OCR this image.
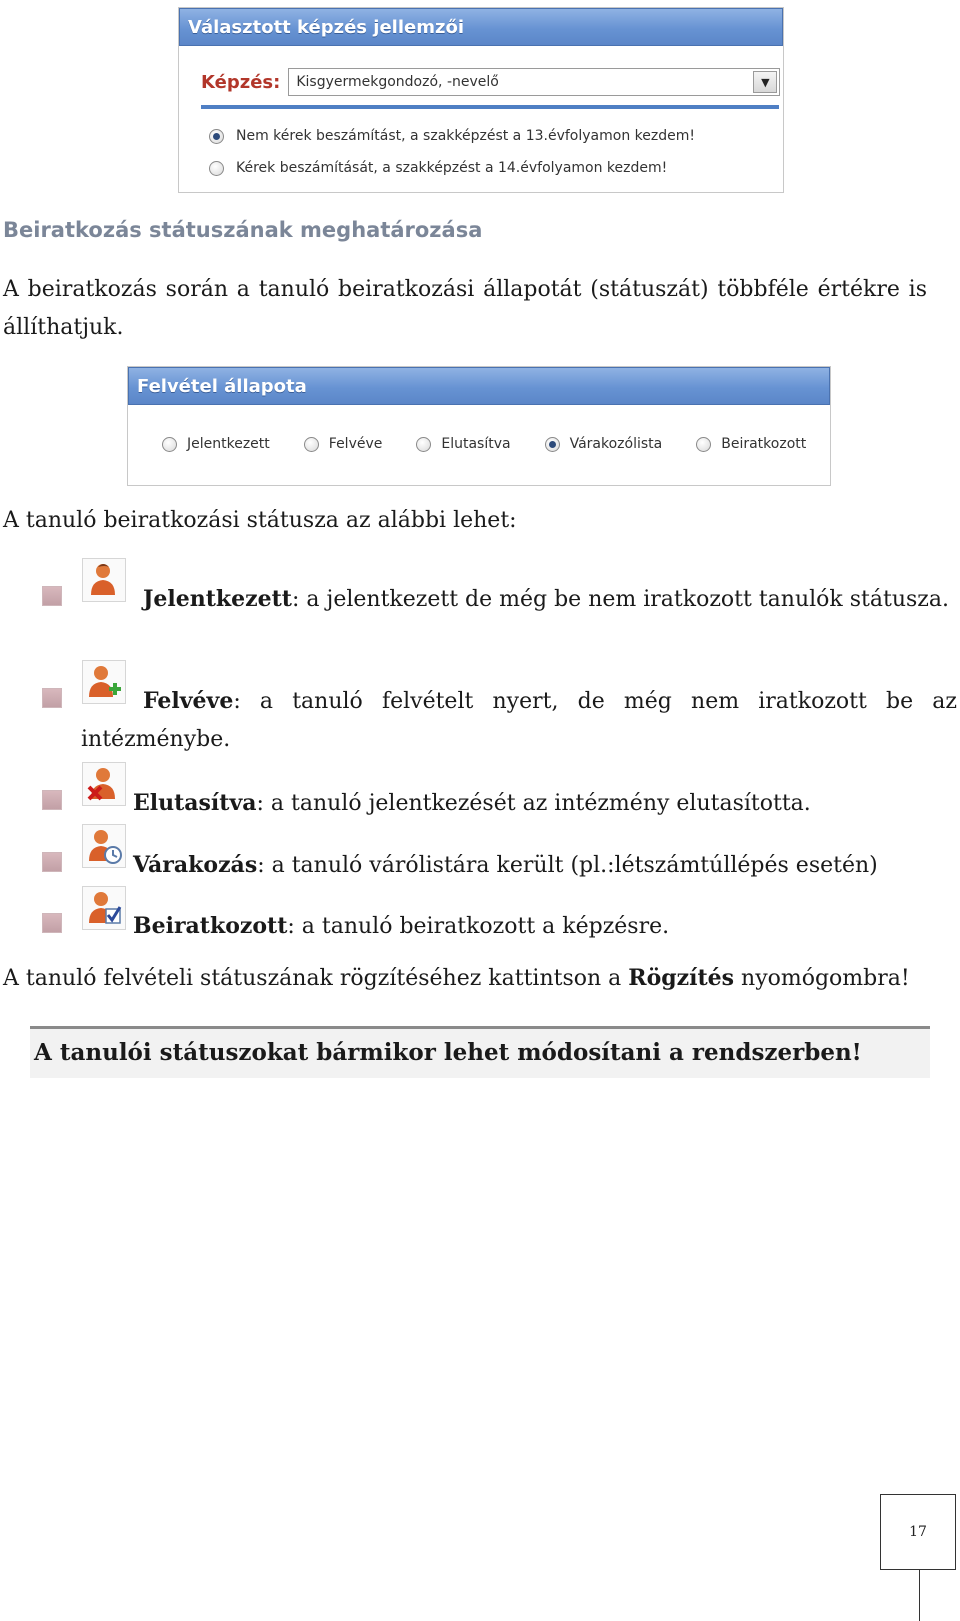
Választott képzés jellemzői
Képzés:	Kisgyermekgondozó, -nevelő	▼
Nem kérek beszámítást, a szakképzést a 13.évfolyamon kezdem!
Kérek beszámítását, a szakképzést a 14.évfolyamon kezdem!
Beiratkozás státuszának meghatározása
A beiratkozás során a tanuló beiratkozási állapotát (státuszát) többféle értékre is állíthatjuk.
Felvétel állapota
Jelentkezett	Felvéve	Elutasítva	Várakozólista	Beiratkozott
A tanuló beiratkozási státusza az alábbi lehet:
Jelentkezett: a jelentkezett de még be nem iratkozott tanulók státusza.
Felvéve: a tanuló felvételt nyert, de még nem iratkozott be az intézménybe.
Elutasítva: a tanuló jelentkezését az intézmény elutasította.
Várakozás: a tanuló várólistára került (pl.:létszámtúllépés esetén)
Beiratkozott: a tanuló beiratkozott a képzésre.
A tanuló felvételi státuszának rögzítéséhez kattintson a Rögzítés nyomógombra!
A tanulói státuszokat bármikor lehet módosítani a rendszerben!
17
